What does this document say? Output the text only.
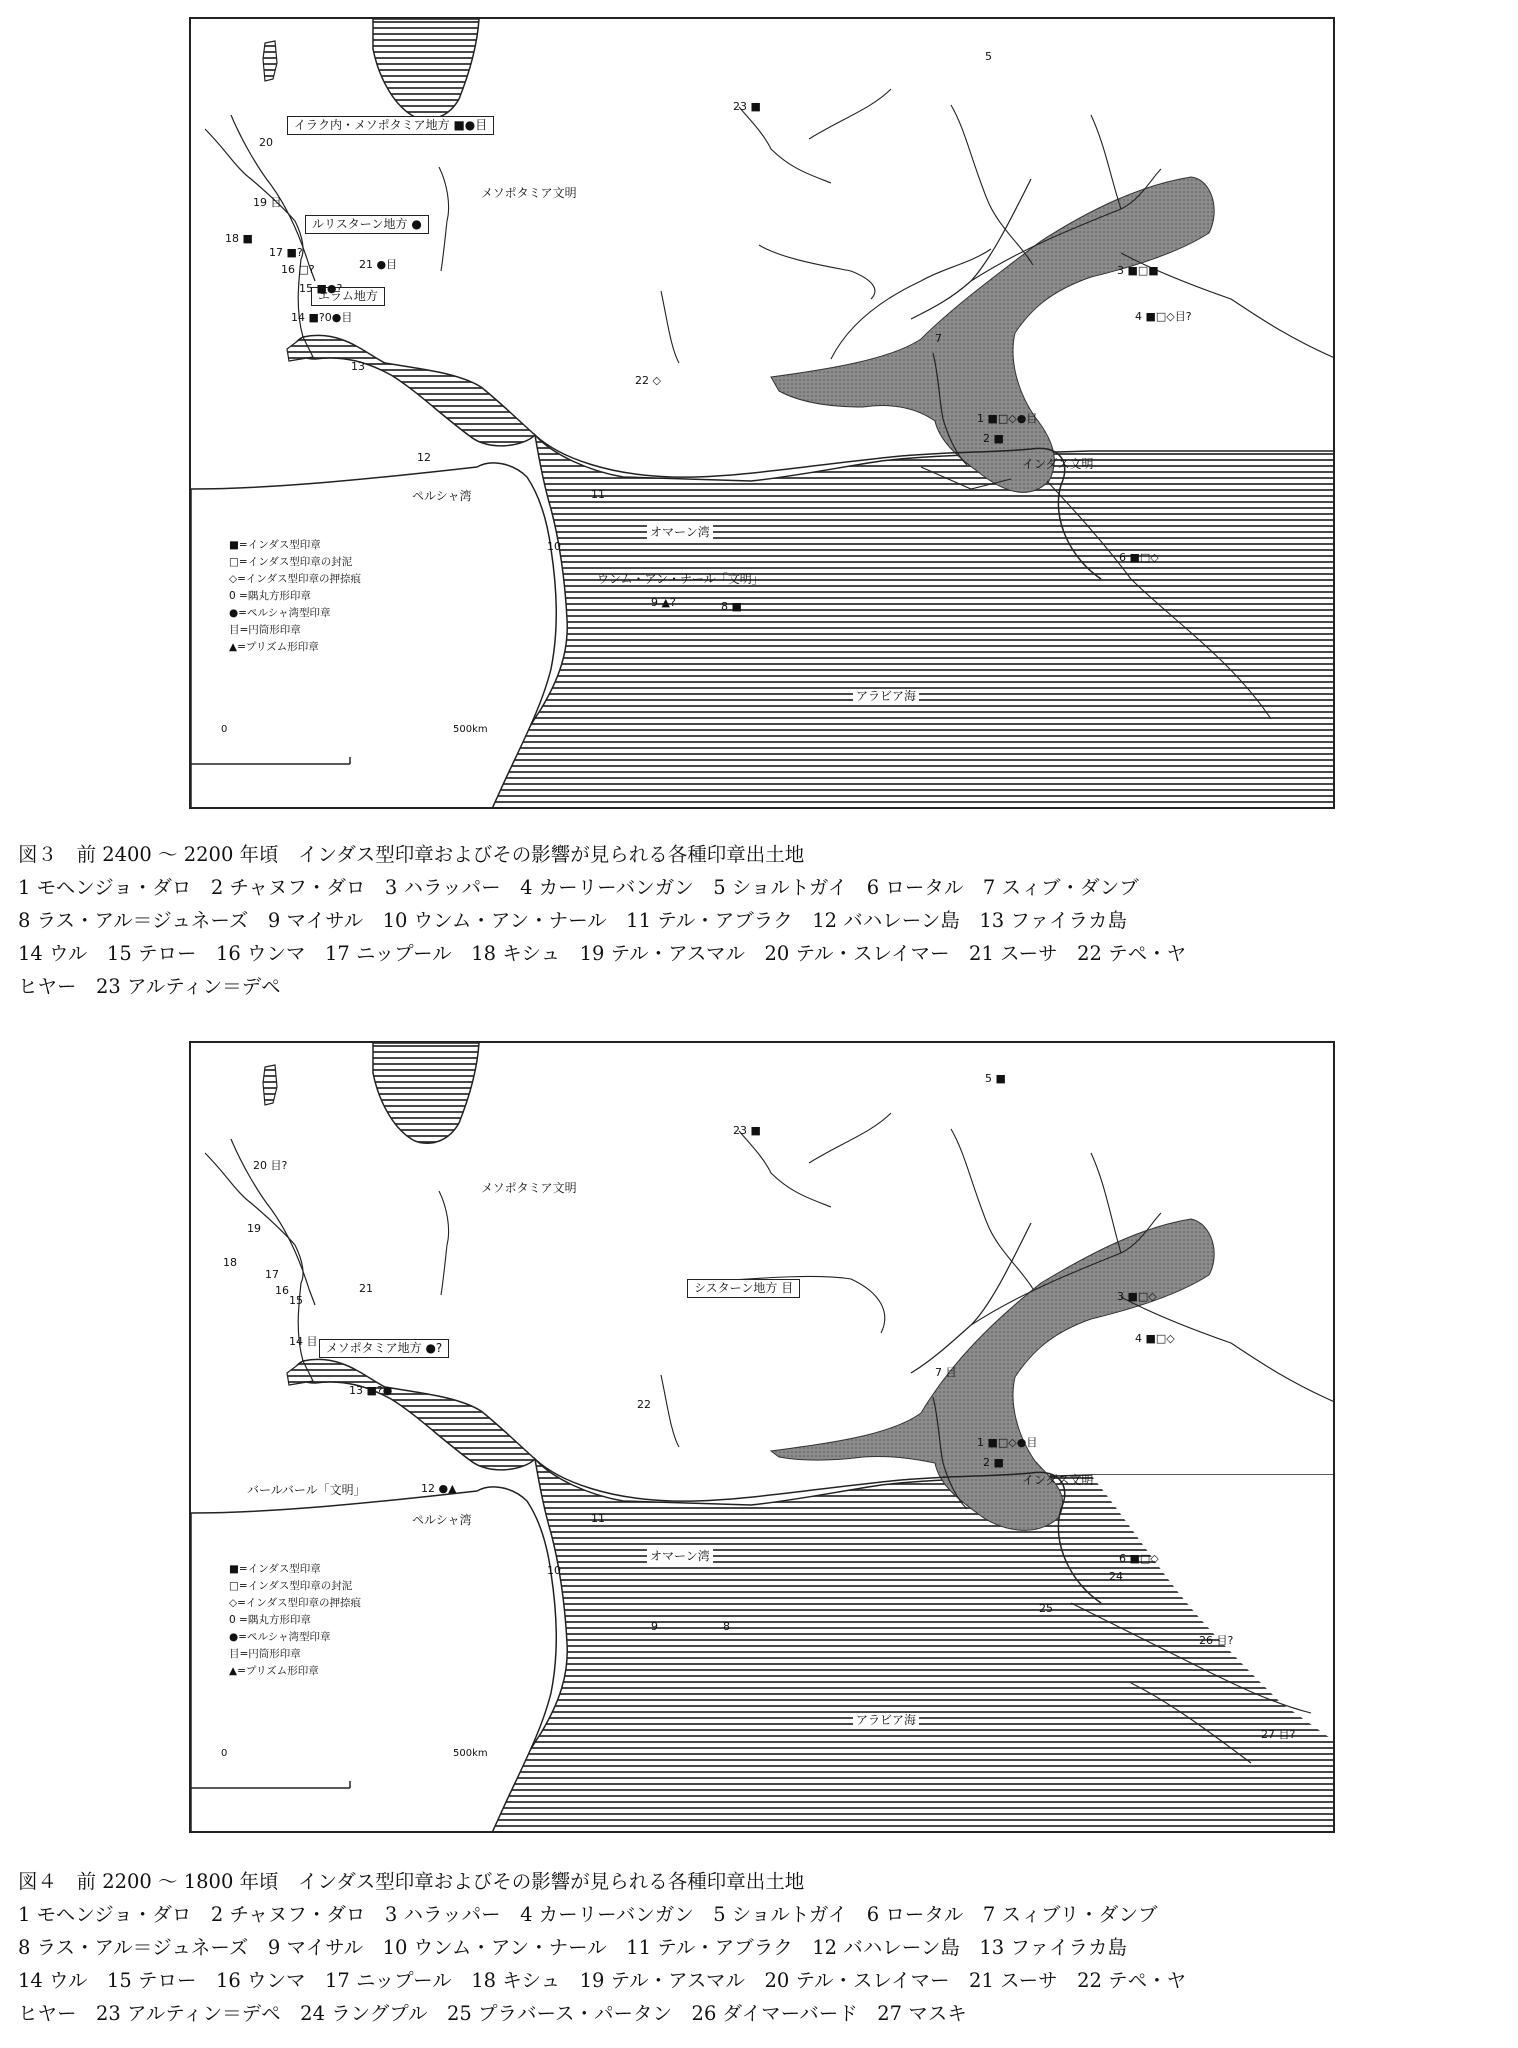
イラク内・メソポタミア地方 ■●目
ルリスターン地方 ●
エラム地方
メソポタミア文明
インダス文明
ウンム・アン・ナール「文明」
ペルシャ湾
オマーン湾
アラビア海
20
19 目
18 ■
17 ■?
16 □?
15 ■●?
21 ●目
14 ■?0●目
13
12
11
10
9 ▲?	8 ■
22 ◇
23 ■
5
7
1 ■□◇●目
2 ■
3 ■□■
4 ■□◇目?
6 ■□◇
■=インダス型印章
□=インダス型印章の封泥
◇=インダス型印章の押捺痕
0 =隅丸方形印章
●=ペルシャ湾型印章
目=円筒形印章
▲=プリズム形印章
0	500km
シスターン地方 目
メソポタミア地方 ●?
メソポタミア文明
インダス文明
バールバール「文明」
ペルシャ湾
オマーン湾
アラビア海
20 目?
19
18
17
16
15
21
14 目
13 ■?●
12 ●▲
11
10
9	8
22
23 ■
5 ■
7 目
1 ■□◇●目
2 ■
3 ■□◇
4 ■□◇
6 ■□◇
24
25
26 目?
27 目?
■=インダス型印章
□=インダス型印章の封泥
◇=インダス型印章の押捺痕
0 =隅丸方形印章
●=ペルシャ湾型印章
目=円筒形印章
▲=プリズム形印章
0	500km
図３　前 2400 〜 2200 年頃　インダス型印章およびその影響が見られる各種印章出土地
1 モヘンジョ・ダロ　2 チャヌフ・ダロ　3 ハラッパー　4 カーリーバンガン　5 ショルトガイ　6 ロータル　7 スィブ・ダンブ
8 ラス・アル＝ジュネーズ　9 マイサル　10 ウンム・アン・ナール　11 テル・アブラク　12 バハレーン島　13 ファイラカ島
14 ウル　15 テロー　16 ウンマ　17 ニップール　18 キシュ　19 テル・アスマル　20 テル・スレイマー　21 スーサ　22 テペ・ヤ
ヒヤー　23 アルティン＝デペ
図４　前 2200 〜 1800 年頃　インダス型印章およびその影響が見られる各種印章出土地
1 モヘンジョ・ダロ　2 チャヌフ・ダロ　3 ハラッパー　4 カーリーバンガン　5 ショルトガイ　6 ロータル　7 スィブリ・ダンブ
8 ラス・アル＝ジュネーズ　9 マイサル　10 ウンム・アン・ナール　11 テル・アブラク　12 バハレーン島　13 ファイラカ島
14 ウル　15 テロー　16 ウンマ　17 ニップール　18 キシュ　19 テル・アスマル　20 テル・スレイマー　21 スーサ　22 テペ・ヤ
ヒヤー　23 アルティン＝デペ　24 ラングプル　25 プラバース・パータン　26 ダイマーバード　27 マスキ
